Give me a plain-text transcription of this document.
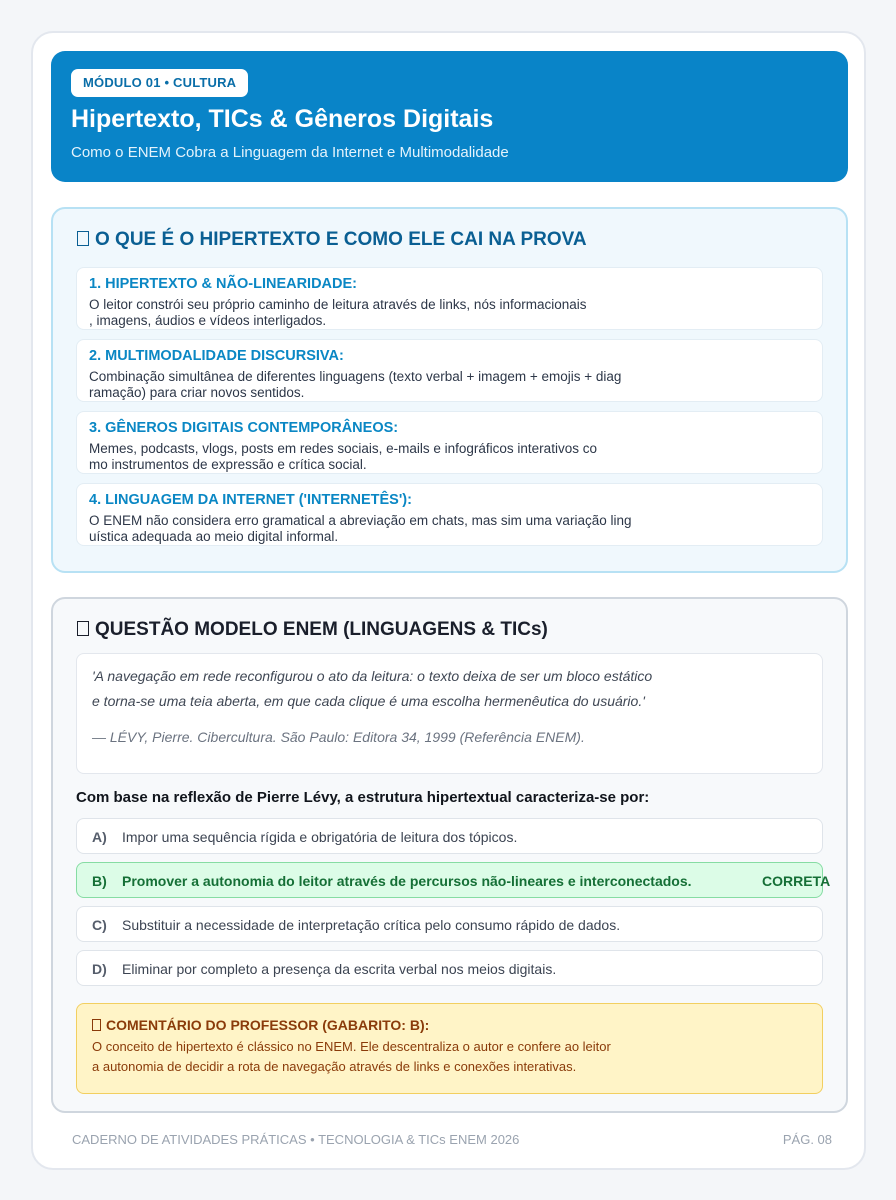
MÓDULO 01 • CULTURA
Hipertexto, TICs & Gêneros Digitais
Como o ENEM Cobra a Linguagem da Internet e Multimodalidade
O QUE É O HIPERTEXTO E COMO ELE CAI NA PROVA
1. HIPERTEXTO & NÃO-LINEARIDADE:
O leitor constrói seu próprio caminho de leitura através de links, nós informacionais
, imagens, áudios e vídeos interligados.
2. MULTIMODALIDADE DISCURSIVA:
Combinação simultânea de diferentes linguagens (texto verbal + imagem + emojis + diag
ramação) para criar novos sentidos.
3. GÊNEROS DIGITAIS CONTEMPORÂNEOS:
Memes, podcasts, vlogs, posts em redes sociais, e-mails e infográficos interativos co
mo instrumentos de expressão e crítica social.
4. LINGUAGEM DA INTERNET ('INTERNETÊS'):
O ENEM não considera erro gramatical a abreviação em chats, mas sim uma variação ling
uística adequada ao meio digital informal.
QUESTÃO MODELO ENEM (LINGUAGENS & TICs)
'A navegação em rede reconfigurou o ato da leitura: o texto deixa de ser um bloco estático
e torna-se uma teia aberta, em que cada clique é uma escolha hermenêutica do usuário.'
— LÉVY, Pierre. Cibercultura. São Paulo: Editora 34, 1999 (Referência ENEM).
Com base na reflexão de Pierre Lévy, a estrutura hipertextual caracteriza-se por:
A) Impor uma sequência rígida e obrigatória de leitura dos tópicos.
B) Promover a autonomia do leitor através de percursos não-lineares e interconectados.	CORRETA
C) Substituir a necessidade de interpretação crítica pelo consumo rápido de dados.
D) Eliminar por completo a presença da escrita verbal nos meios digitais.
COMENTÁRIO DO PROFESSOR (GABARITO: B):
O conceito de hipertexto é clássico no ENEM. Ele descentraliza o autor e confere ao leitor
a autonomia de decidir a rota de navegação através de links e conexões interativas.
CADERNO DE ATIVIDADES PRÁTICAS • TECNOLOGIA & TICs ENEM 2026	PÁG. 08
